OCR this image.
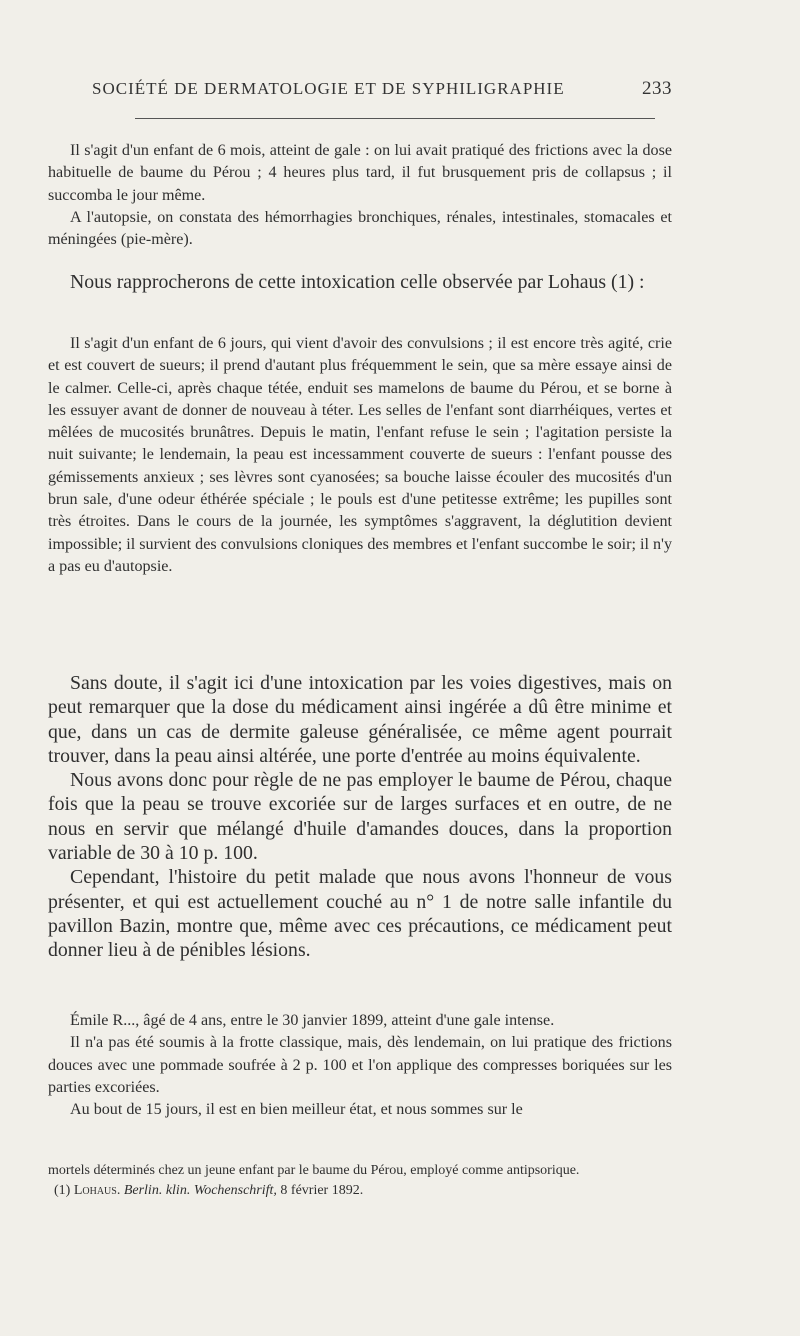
SOCIÉTÉ DE DERMATOLOGIE ET DE SYPHILIGRAPHIE	233

Il s'agit d'un enfant de 6 mois, atteint de gale : on lui avait pratiqué des frictions avec la dose habituelle de baume du Pérou ; 4 heures plus tard, il fut brusquement pris de collapsus ; il succomba le jour même.

A l'autopsie, on constata des hémorrhagies bronchiques, rénales, intestinales, stomacales et méningées (pie-mère).

Nous rapprocherons de cette intoxication celle observée par Lohaus (1) :

Il s'agit d'un enfant de 6 jours, qui vient d'avoir des convulsions ; il est encore très agité, crie et est couvert de sueurs; il prend d'autant plus fréquemment le sein, que sa mère essaye ainsi de le calmer. Celle-ci, après chaque tétée, enduit ses mamelons de baume du Pérou, et se borne à les essuyer avant de donner de nouveau à téter. Les selles de l'enfant sont diarrhéiques, vertes et mêlées de mucosités brunâtres. Depuis le matin, l'enfant refuse le sein ; l'agitation persiste la nuit suivante; le lendemain, la peau est incessamment couverte de sueurs : l'enfant pousse des gémissements anxieux ; ses lèvres sont cyanosées; sa bouche laisse écouler des mucosités d'un brun sale, d'une odeur éthérée spéciale ; le pouls est d'une petitesse extrême; les pupilles sont très étroites. Dans le cours de la journée, les symptômes s'aggravent, la déglutition devient impossible; il survient des convulsions cloniques des membres et l'enfant succombe le soir; il n'y a pas eu d'autopsie.

Sans doute, il s'agit ici d'une intoxication par les voies digestives, mais on peut remarquer que la dose du médicament ainsi ingérée a dû être minime et que, dans un cas de dermite galeuse généralisée, ce même agent pourrait trouver, dans la peau ainsi altérée, une porte d'entrée au moins équivalente.

Nous avons donc pour règle de ne pas employer le baume de Pérou, chaque fois que la peau se trouve excoriée sur de larges surfaces et en outre, de ne nous en servir que mélangé d'huile d'amandes douces, dans la proportion variable de 30 à 10 p. 100.

Cependant, l'histoire du petit malade que nous avons l'honneur de vous présenter, et qui est actuellement couché au n° 1 de notre salle infantile du pavillon Bazin, montre que, même avec ces précautions, ce médicament peut donner lieu à de pénibles lésions.

Émile R..., âgé de 4 ans, entre le 30 janvier 1899, atteint d'une gale intense.

Il n'a pas été soumis à la frotte classique, mais, dès lendemain, on lui pratique des frictions douces avec une pommade soufrée à 2 p. 100 et l'on applique des compresses boriquées sur les parties excoriées.

Au bout de 15 jours, il est en bien meilleur état, et nous sommes sur le

mortels déterminés chez un jeune enfant par le baume du Pérou, employé comme antipsorique.

(1) Lohaus. Berlin. klin. Wochenschrift, 8 février 1892.
